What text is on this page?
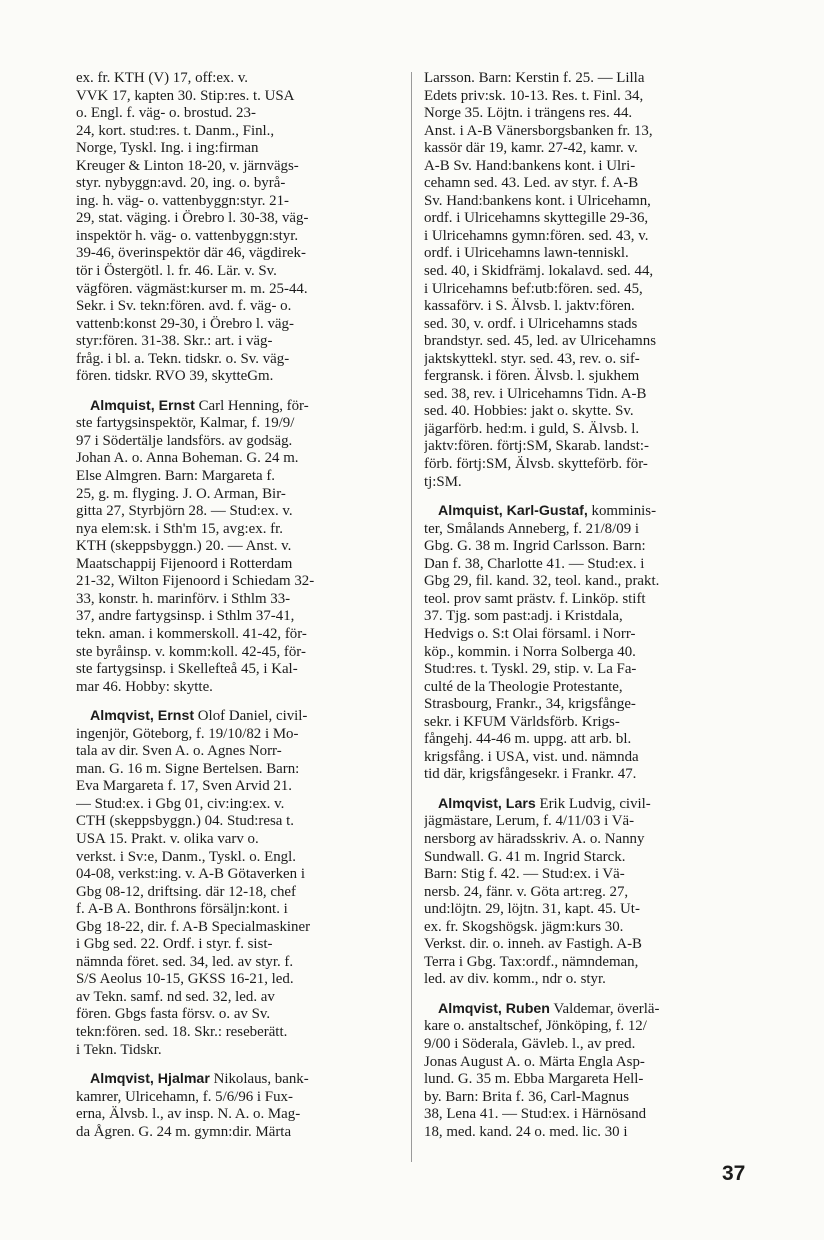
ex. fr. KTH (V) 17, off:ex. v.
VVK 17, kapten 30. Stip:res. t. USA
o. Engl. f. väg- o. brostud. 23-
24, kort. stud:res. t. Danm., Finl.,
Norge, Tyskl. Ing. i ing:firman
Kreuger & Linton 18-20, v. järnvägs-
styr. nybyggn:avd. 20, ing. o. byrå-
ing. h. väg- o. vattenbyggn:styr. 21-
29, stat. väging. i Örebro l. 30-38, väg-
inspektör h. väg- o. vattenbyggn:styr.
39-46, överinspektör där 46, vägdirek-
tör i Östergötl. l. fr. 46. Lär. v. Sv.
vägfören. vägmäst:kurser m. m. 25-44.
Sekr. i Sv. tekn:fören. avd. f. väg- o.
vattenb:konst 29-30, i Örebro l. väg-
styr:fören. 31-38. Skr.: art. i väg-
fråg. i bl. a. Tekn. tidskr. o. Sv. väg-
fören. tidskr. RVO 39, skytteGm.
Almquist, Ernst Carl Henning, för-
ste fartygsinspektör, Kalmar, f. 19/9/
97 i Södertälje landsförs. av godsäg.
Johan A. o. Anna Boheman. G. 24 m.
Else Almgren. Barn: Margareta f.
25, g. m. flyging. J. O. Arman, Bir-
gitta 27, Styrbjörn 28. — Stud:ex. v.
nya elem:sk. i Sth'm 15, avg:ex. fr.
KTH (skeppsbyggn.) 20. — Anst. v.
Maatschappij Fijenoord i Rotterdam
21-32, Wilton Fijenoord i Schiedam 32-
33, konstr. h. marinförv. i Sthlm 33-
37, andre fartygsinsp. i Sthlm 37-41,
tekn. aman. i kommerskoll. 41-42, för-
ste byråinsp. v. komm:koll. 42-45, för-
ste fartygsinsp. i Skellefteå 45, i Kal-
mar 46. Hobby: skytte.
Almqvist, Ernst Olof Daniel, civil-
ingenjör, Göteborg, f. 19/10/82 i Mo-
tala av dir. Sven A. o. Agnes Norr-
man. G. 16 m. Signe Bertelsen. Barn:
Eva Margareta f. 17, Sven Arvid 21.
— Stud:ex. i Gbg 01, civ:ing:ex. v.
CTH (skeppsbyggn.) 04. Stud:resa t.
USA 15. Prakt. v. olika varv o.
verkst. i Sv:e, Danm., Tyskl. o. Engl.
04-08, verkst:ing. v. A-B Götaverken i
Gbg 08-12, driftsing. där 12-18, chef
f. A-B A. Bonthrons försäljn:kont. i
Gbg 18-22, dir. f. A-B Specialmaskiner
i Gbg sed. 22. Ordf. i styr. f. sist-
nämnda föret. sed. 34, led. av styr. f.
S/S Aeolus 10-15, GKSS 16-21, led.
av Tekn. samf. nd sed. 32, led. av
fören. Gbgs fasta försv. o. av Sv.
tekn:fören. sed. 18. Skr.: reseberätt.
i Tekn. Tidskr.
Almqvist, Hjalmar Nikolaus, bank-
kamrer, Ulricehamn, f. 5/6/96 i Fux-
erna, Älvsb. l., av insp. N. A. o. Mag-
da Ågren. G. 24 m. gymn:dir. Märta
Larsson. Barn: Kerstin f. 25. — Lilla
Edets priv:sk. 10-13. Res. t. Finl. 34,
Norge 35. Löjtn. i trängens res. 44.
Anst. i A-B Vänersborgsbanken fr. 13,
kassör där 19, kamr. 27-42, kamr. v.
A-B Sv. Hand:bankens kont. i Ulri-
cehamn sed. 43. Led. av styr. f. A-B
Sv. Hand:bankens kont. i Ulricehamn,
ordf. i Ulricehamns skyttegille 29-36,
i Ulricehamns gymn:fören. sed. 43, v.
ordf. i Ulricehamns lawn-tenniskl.
sed. 40, i Skidfrämj. lokalavd. sed. 44,
i Ulricehamns bef:utb:fören. sed. 45,
kassaförv. i S. Älvsb. l. jaktv:fören.
sed. 30, v. ordf. i Ulricehamns stads
brandstyr. sed. 45, led. av Ulricehamns
jaktskyttekl. styr. sed. 43, rev. o. sif-
fergransk. i fören. Älvsb. l. sjukhem
sed. 38, rev. i Ulricehamns Tidn. A-B
sed. 40. Hobbies: jakt o. skytte. Sv.
jägarförb. hed:m. i guld, S. Älvsb. l.
jaktv:fören. förtj:SM, Skarab. landst:-
förb. förtj:SM, Älvsb. skytteförb. för-
tj:SM.
Almquist, Karl-Gustaf, komminis-
ter, Smålands Anneberg, f. 21/8/09 i
Gbg. G. 38 m. Ingrid Carlsson. Barn:
Dan f. 38, Charlotte 41. — Stud:ex. i
Gbg 29, fil. kand. 32, teol. kand., prakt.
teol. prov samt prästv. f. Linköp. stift
37. Tjg. som past:adj. i Kristdala,
Hedvigs o. S:t Olai församl. i Norr-
köp., kommin. i Norra Solberga 40.
Stud:res. t. Tyskl. 29, stip. v. La Fa-
culté de la Theologie Protestante,
Strasbourg, Frankr., 34, krigsfånge-
sekr. i KFUM Världsförb. Krigs-
fångehj. 44-46 m. uppg. att arb. bl.
krigsfång. i USA, vist. und. nämnda
tid där, krigsfångesekr. i Frankr. 47.
Almqvist, Lars Erik Ludvig, civil-
jägmästare, Lerum, f. 4/11/03 i Vä-
nersborg av häradsskriv. A. o. Nanny
Sundwall. G. 41 m. Ingrid Starck.
Barn: Stig f. 42. — Stud:ex. i Vä-
nersb. 24, fänr. v. Göta art:reg. 27,
und:löjtn. 29, löjtn. 31, kapt. 45. Ut-
ex. fr. Skogshögsk. jägm:kurs 30.
Verkst. dir. o. inneh. av Fastigh. A-B
Terra i Gbg. Tax:ordf., nämndeman,
led. av div. komm., ndr o. styr.
Almqvist, Ruben Valdemar, överlä-
kare o. anstaltschef, Jönköping, f. 12/
9/00 i Söderala, Gävleb. l., av pred.
Jonas August A. o. Märta Engla Asp-
lund. G. 35 m. Ebba Margareta Hell-
by. Barn: Brita f. 36, Carl-Magnus
38, Lena 41. — Stud:ex. i Härnösand
18, med. kand. 24 o. med. lic. 30 i
37
